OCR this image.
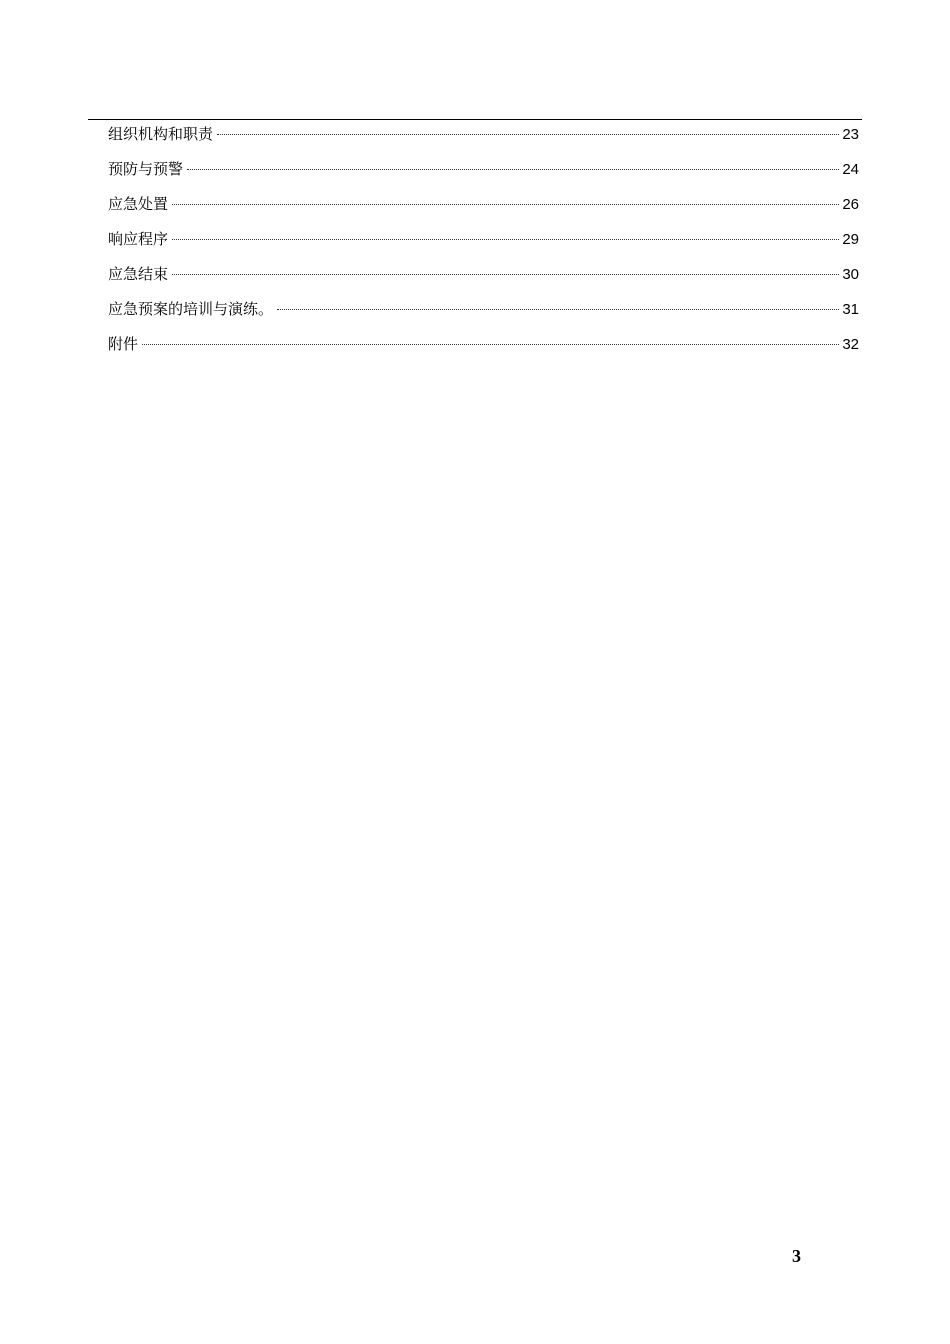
组织机构和职责	23
预防与预警	24
应急处置	26
响应程序	29
应急结束	30
应急预案的培训与演练。	31
附件	32
3
